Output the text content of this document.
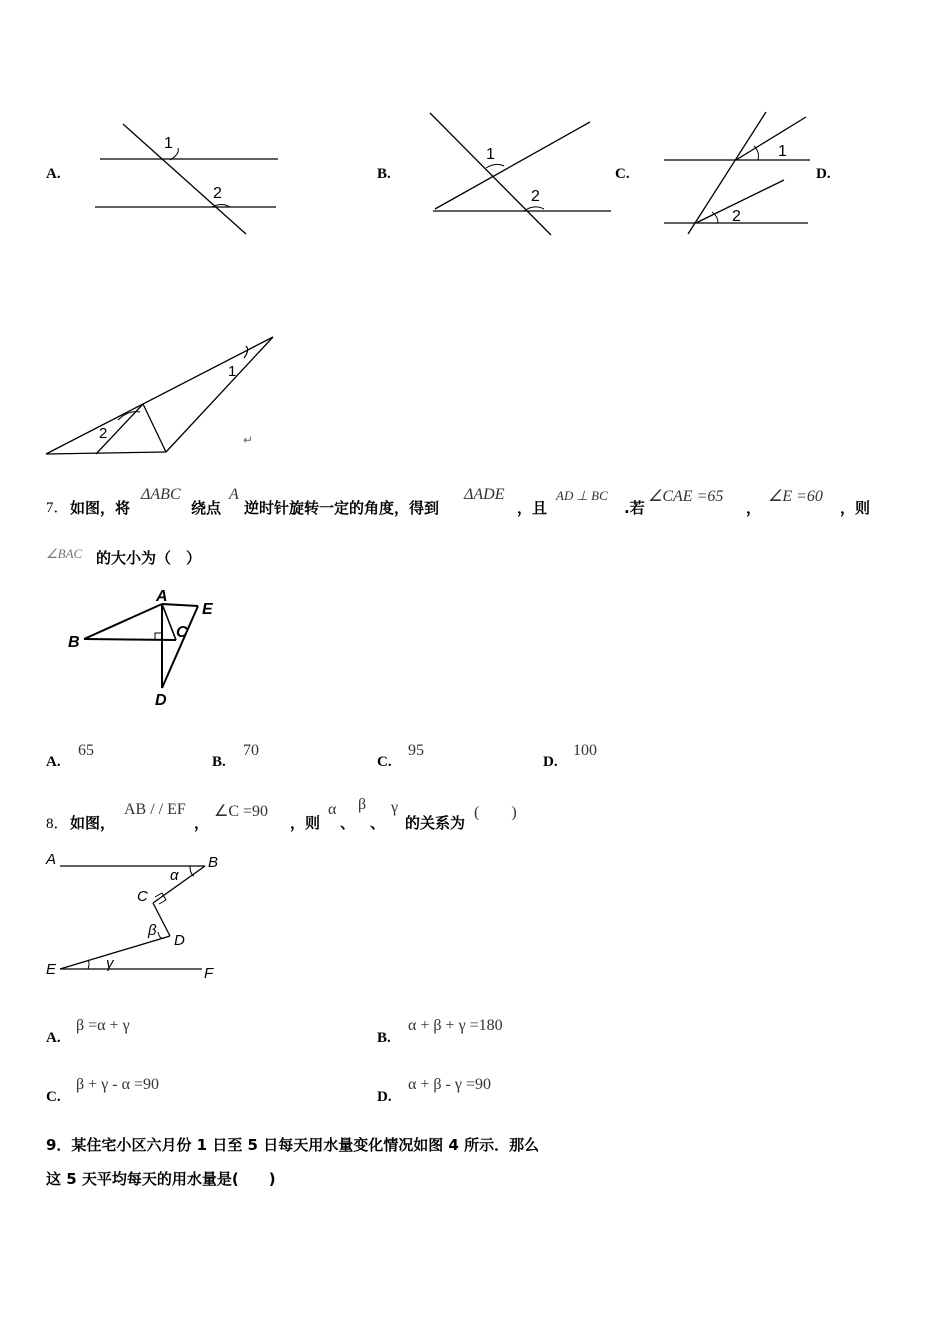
A.
1
2
B.
1
2
C.
1
2
D.
1
2	↵
7． 如图，将
ΔABC
绕点
A
逆时针旋转一定的角度，得到
ΔADE
，且
AD ⊥ BC
.若
∠CAE =65
，
∠E =60
，则
∠BAC 的大小为（　）
A
B
C
D
E
A.
65
B.
70
C.
95
D.
100
8． 如图，
AB / / EF
，
∠C =90
，则
α
、
β
、
γ
的关系为
(　　)
A	B
C
D
E	F
α
β
γ
A.
β =α + γ
B.
α + β + γ =180
C.
β + γ - α =90
D.
α + β - γ =90
9．某住宅小区六月份 1 日至 5 日每天用水量变化情况如图 4 所示．那么
这 5 天平均每天的用水量是(　　)
